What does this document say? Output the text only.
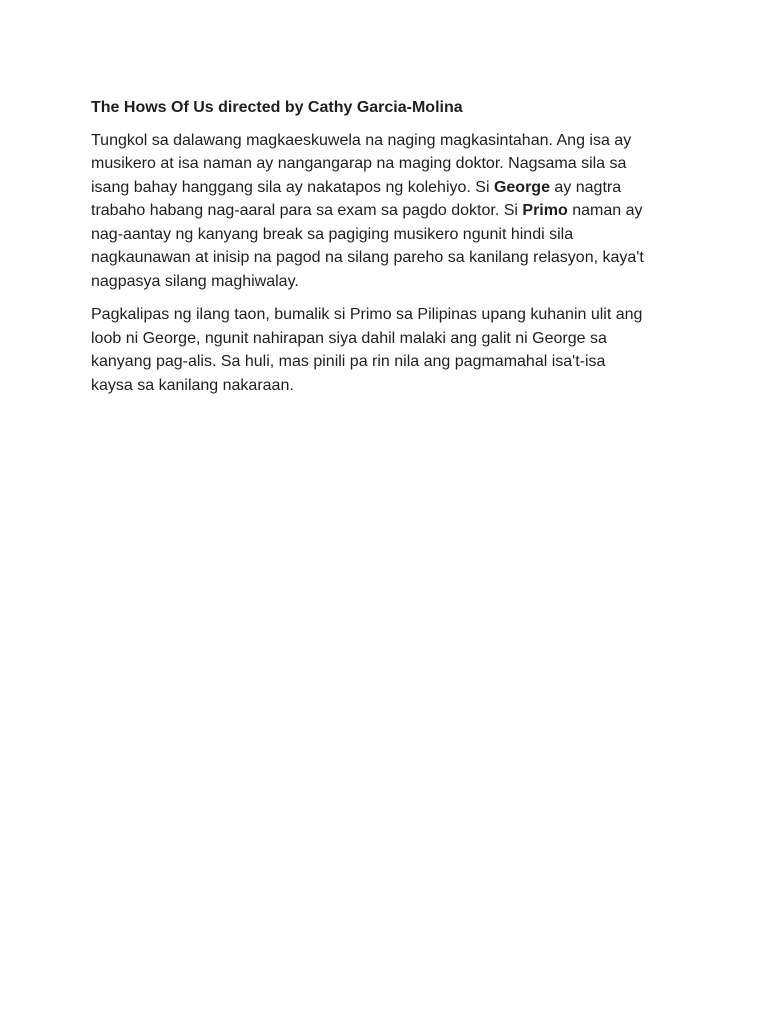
The Hows Of Us directed by Cathy Garcia-Molina
Tungkol sa dalawang magkaeskuwela na naging magkasintahan. Ang isa ay
musikero at isa naman ay nangangarap na maging doktor. Nagsama sila sa
isang bahay hanggang sila ay nakatapos ng kolehiyo. Si George ay nagtra
trabaho habang nag-aaral para sa exam sa pagdo doktor. Si Primo naman ay
nag-aantay ng kanyang break sa pagiging musikero ngunit hindi sila
nagkaunawan at inisip na pagod na silang pareho sa kanilang relasyon, kaya't
nagpasya silang maghiwalay.
Pagkalipas ng ilang taon, bumalik si Primo sa Pilipinas upang kuhanin ulit ang
loob ni George, ngunit nahirapan siya dahil malaki ang galit ni George sa
kanyang pag-alis. Sa huli, mas pinili pa rin nila ang pagmamahal isa't-isa
kaysa sa kanilang nakaraan.
